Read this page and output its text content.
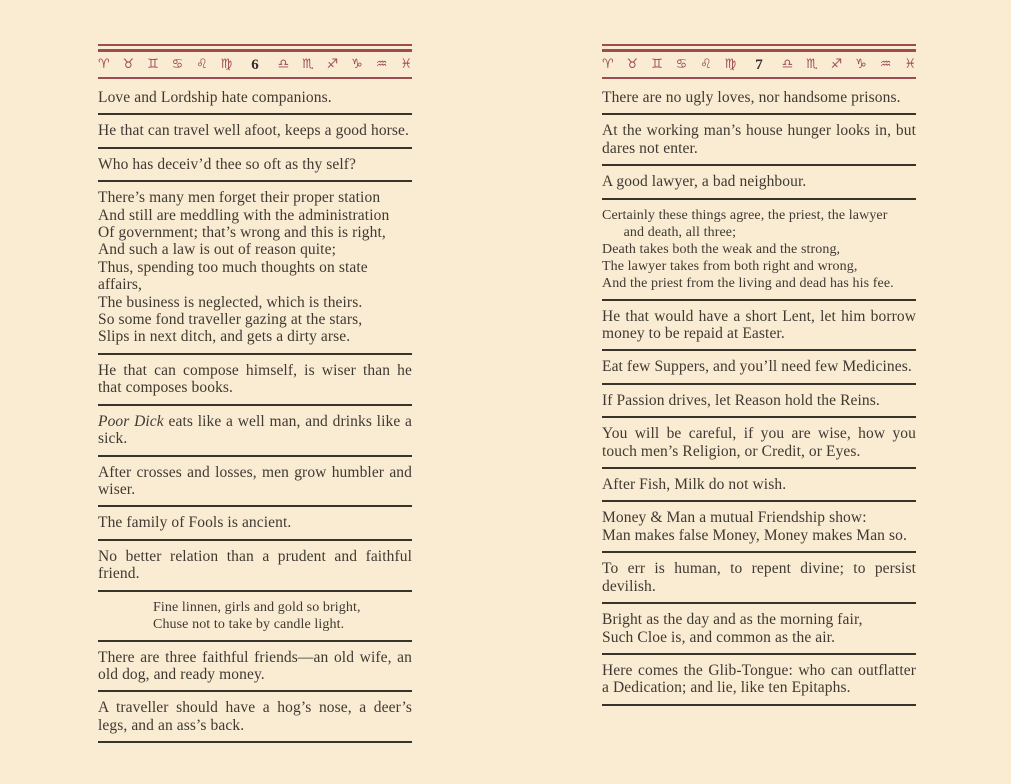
♈ ♉ ♊ ♋ ♌ ♍	6	♎ ♏ ♐ ♑ ♒ ♓
Love and Lordship hate companions.
He that can travel well afoot, keeps a good horse.
Who has deceiv’d thee so oft as thy self?
There’s many men forget their proper station
And still are meddling with the administration
Of government; that’s wrong and this is right,
And such a law is out of reason quite;
Thus, spending too much thoughts on state affairs,
The business is neglected, which is theirs.
So some fond traveller gazing at the stars,
Slips in next ditch, and gets a dirty arse.
He that can compose himself, is wiser than he that composes books.
Poor Dick eats like a well man, and drinks like a sick.
After crosses and losses, men grow humbler and wiser.
The family of Fools is ancient.
No better relation than a prudent and faithful friend.
Fine linnen, girls and gold so bright,
Chuse not to take by candle light.
There are three faithful friends—an old wife, an old dog, and ready money.
A traveller should have a hog’s nose, a deer’s legs, and an ass’s back.
♈ ♉ ♊ ♋ ♌ ♍	7	♎ ♏ ♐ ♑ ♒ ♓
There are no ugly loves, nor handsome prisons.
At the working man’s house hunger looks in, but dares not enter.
A good lawyer, a bad neighbour.
Certainly these things agree, the priest, the lawyer
and death, all three;
Death takes both the weak and the strong,
The lawyer takes from both right and wrong,
And the priest from the living and dead has his fee.
He that would have a short Lent, let him borrow money to be repaid at Easter.
Eat few Suppers, and you’ll need few Medicines.
If Passion drives, let Reason hold the Reins.
You will be careful, if you are wise, how you touch men’s Religion, or Credit, or Eyes.
After Fish, Milk do not wish.
Money & Man a mutual Friendship show:
Man makes false Money, Money makes Man so.
To err is human, to repent divine; to persist devilish.
Bright as the day and as the morning fair,
Such Cloe is, and common as the air.
Here comes the Glib-Tongue: who can outflatter a Dedication; and lie, like ten Epitaphs.
